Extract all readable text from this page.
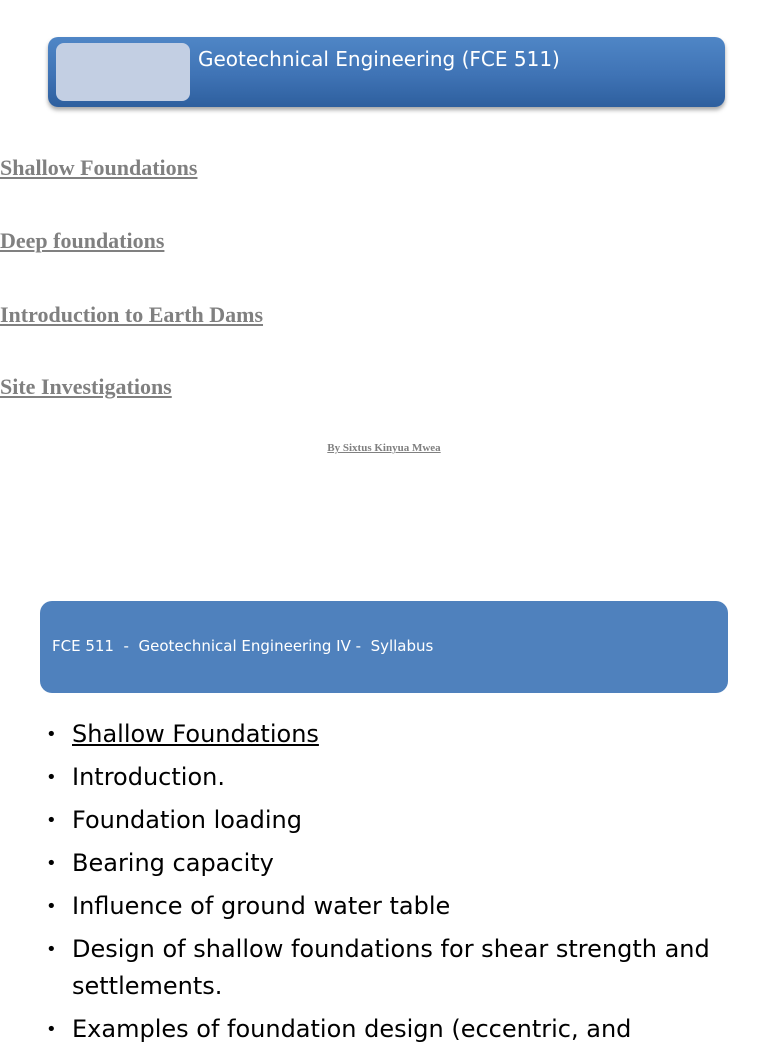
Geotechnical Engineering (FCE 511)
Shallow Foundations
Deep foundations
Introduction to Earth Dams
Site Investigations
By Sixtus Kinyua Mwea
FCE 511  -  Geotechnical Engineering IV -  Syllabus
• Shallow Foundations
• Introduction.
• Foundation loading
• Bearing capacity
• Influence of ground water table
• Design of shallow foundations for shear strength and settlements.
• Examples of foundation design (eccentric, and
